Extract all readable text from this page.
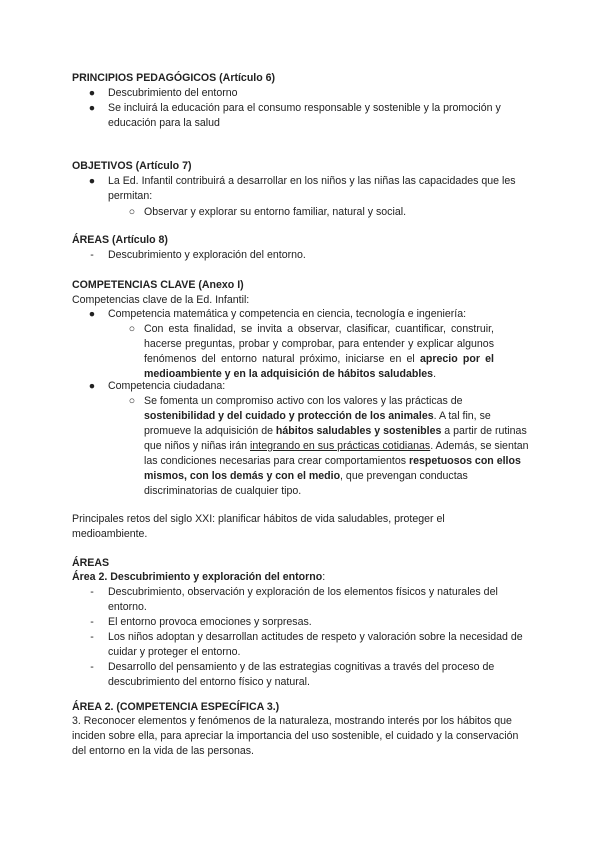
PRINCIPIOS PEDAGÓGICOS (Artículo 6)
● Descubrimiento del entorno
● Se incluirá la educación para el consumo responsable y sostenible y la promoción y educación para la salud
OBJETIVOS (Artículo 7)
● La Ed. Infantil contribuirá a desarrollar en los niños y las niñas las capacidades que les permitan:
○ Observar y explorar su entorno familiar, natural y social.
ÁREAS (Artículo 8)
- Descubrimiento y exploración del entorno.
COMPETENCIAS CLAVE (Anexo I)
Competencias clave de la Ed. Infantil:
● Competencia matemática y competencia en ciencia, tecnología e ingeniería:
○ Con esta finalidad, se invita a observar, clasificar, cuantificar, construir, hacerse preguntas, probar y comprobar, para entender y explicar algunos fenómenos del entorno natural próximo, iniciarse en el aprecio por el medioambiente y en la adquisición de hábitos saludables.
● Competencia ciudadana:
○ Se fomenta un compromiso activo con los valores y las prácticas de sostenibilidad y del cuidado y protección de los animales. A tal fin, se promueve la adquisición de hábitos saludables y sostenibles a partir de rutinas que niños y niñas irán integrando en sus prácticas cotidianas. Además, se sientan las condiciones necesarias para crear comportamientos respetuosos con ellos mismos, con los demás y con el medio, que prevengan conductas discriminatorias de cualquier tipo.
Principales retos del siglo XXI: planificar hábitos de vida saludables, proteger el medioambiente.
ÁREAS
Área 2. Descubrimiento y exploración del entorno:
- Descubrimiento, observación y exploración de los elementos físicos y naturales del entorno.
- El entorno provoca emociones y sorpresas.
- Los niños adoptan y desarrollan actitudes de respeto y valoración sobre la necesidad de cuidar y proteger el entorno.
- Desarrollo del pensamiento y de las estrategias cognitivas a través del proceso de descubrimiento del entorno físico y natural.
ÁREA 2. (COMPETENCIA ESPECÍFICA 3.)
3. Reconocer elementos y fenómenos de la naturaleza, mostrando interés por los hábitos que inciden sobre ella, para apreciar la importancia del uso sostenible, el cuidado y la conservación del entorno en la vida de las personas.
